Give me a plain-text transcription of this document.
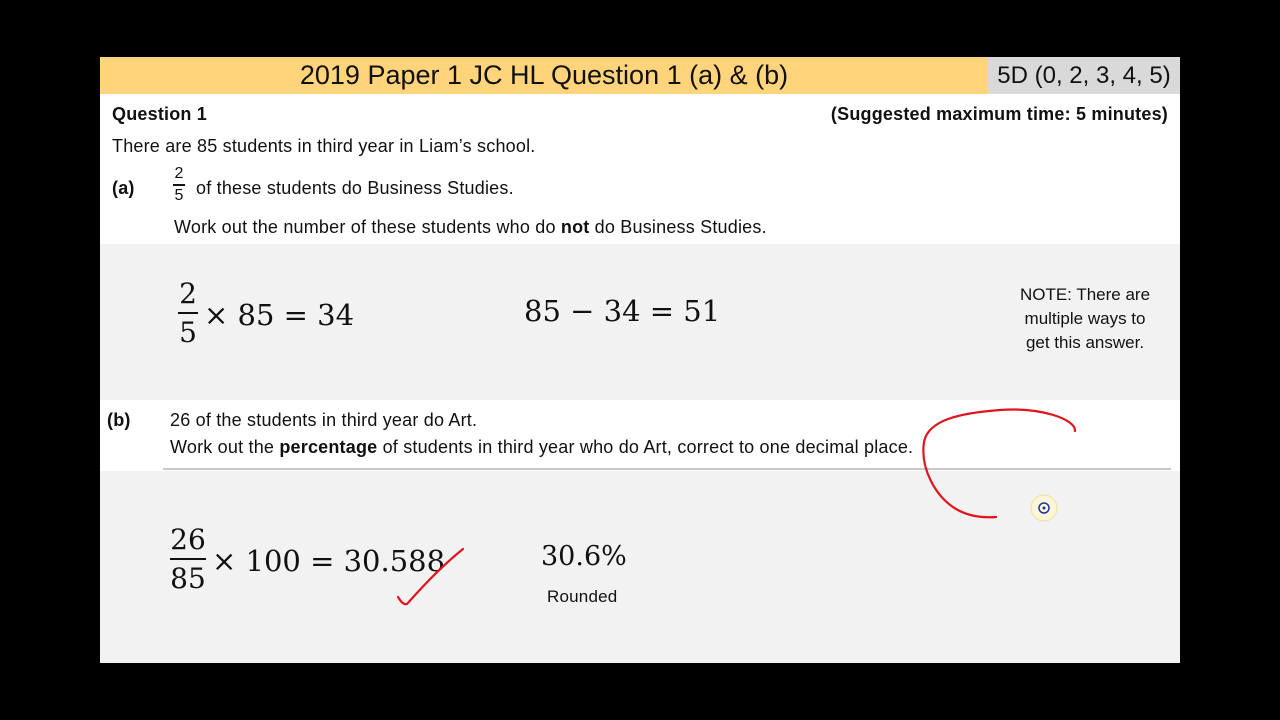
2019 Paper 1 JC HL Question 1 (a) & (b)	5D (0, 2, 3, 4, 5)
Question 1	(Suggested maximum time: 5 minutes)
There are 85 students in third year in Liam’s school.
(a)
2
5 of these students do Business Studies.
Work out the number of these students who do not do Business Studies.
2
5
× 85 = 34	85 − 34 = 51	NOTE: There are
multiple ways to
get this answer.
(b) 26 of the students in third year do Art.
Work out the percentage of students in third year who do Art, correct to one decimal place.
26
85
× 100 = 30.588	30.6%
Rounded
